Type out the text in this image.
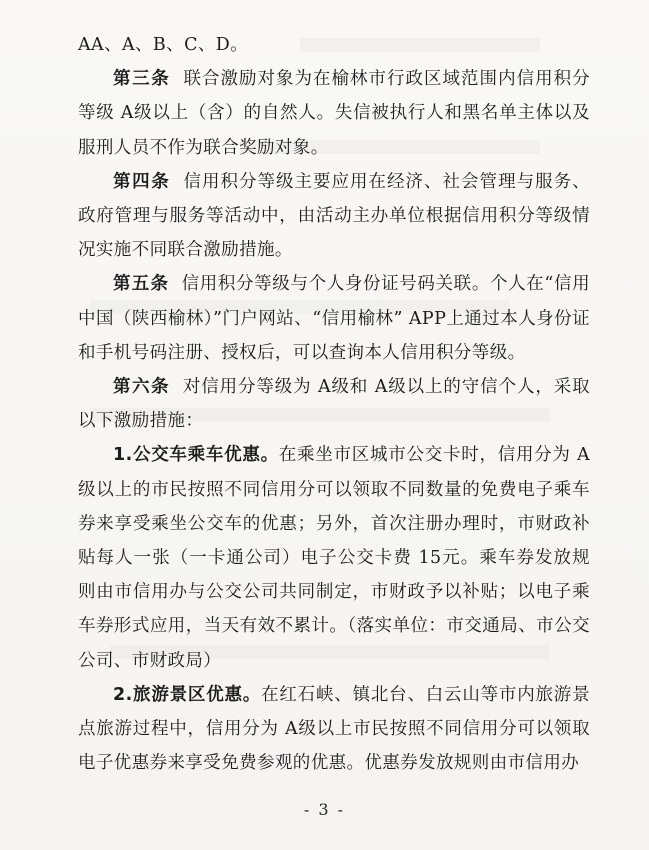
AA、A、B、C、D。

第三条 联合激励对象为在榆林市行政区域范围内信用积分等级 A级以上（含）的自然人。失信被执行人和黑名单主体以及服刑人员不作为联合奖励对象。

第四条 信用积分等级主要应用在经济、社会管理与服务、政府管理与服务等活动中，由活动主办单位根据信用积分等级情况实施不同联合激励措施。

第五条 信用积分等级与个人身份证号码关联。个人在“信用中国（陕西榆林）”门户网站、“信用榆林” APP上通过本人身份证和手机号码注册、授权后，可以查询本人信用积分等级。

第六条 对信用分等级为 A级和 A级以上的守信个人，采取以下激励措施：

1.公交车乘车优惠。在乘坐市区城市公交卡时，信用分为 A级以上的市民按照不同信用分可以领取不同数量的免费电子乘车券来享受乘坐公交车的优惠；另外，首次注册办理时，市财政补贴每人一张（一卡通公司）电子公交卡费 15元。乘车券发放规则由市信用办与公交公司共同制定，市财政予以补贴；以电子乘车券形式应用，当天有效不累计。（落实单位：市交通局、市公交公司、市财政局）

2.旅游景区优惠。在红石峡、镇北台、白云山等市内旅游景点旅游过程中，信用分为 A级以上市民按照不同信用分可以领取电子优惠券来享受免费参观的优惠。优惠券发放规则由市信用办

- 3 -
